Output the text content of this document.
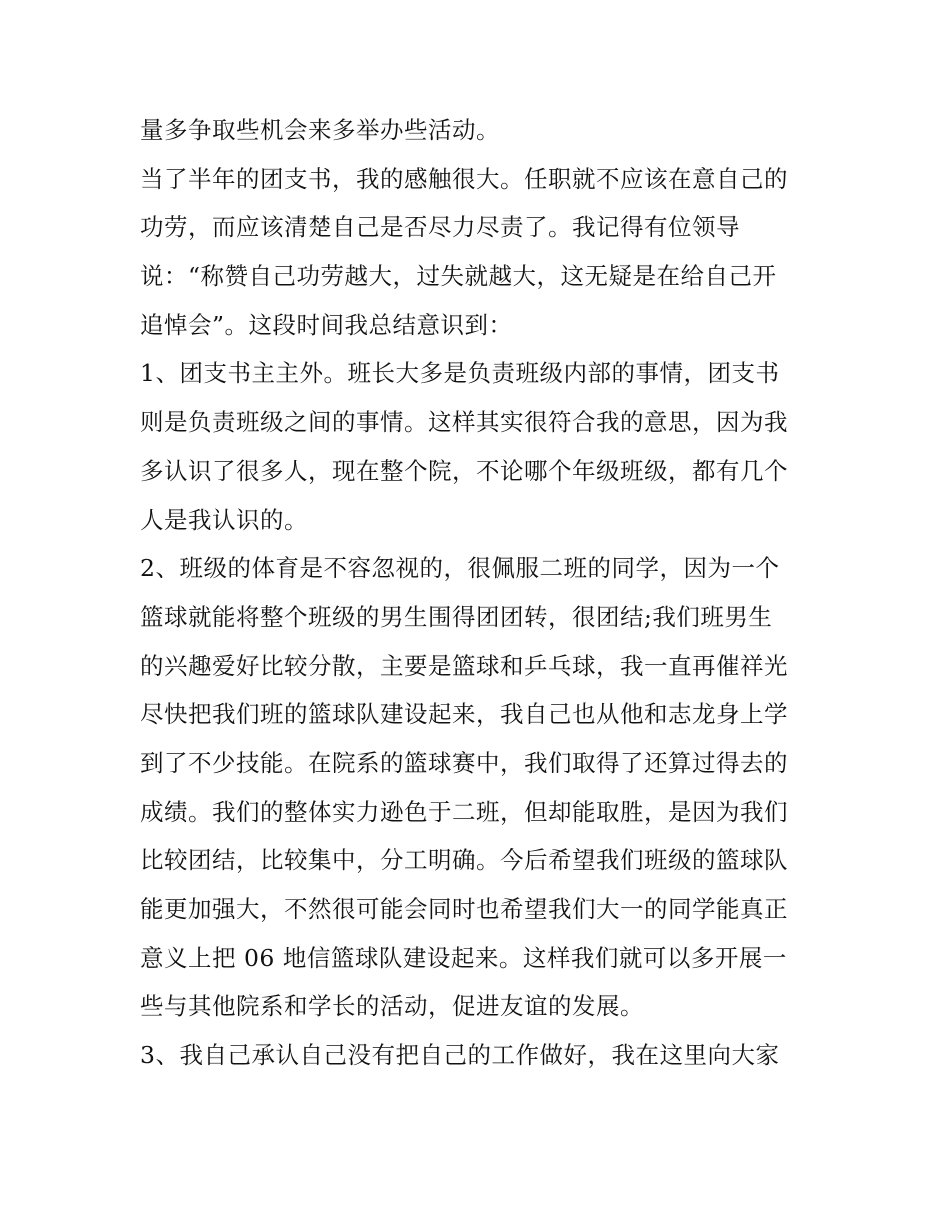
量多争取些机会来多举办些活动。
当了半年的团支书，我的感触很大。任职就不应该在意自己的
功劳，而应该清楚自己是否尽力尽责了。我记得有位领导
说：“称赞自己功劳越大，过失就越大，这无疑是在给自己开
追悼会”。这段时间我总结意识到：
1、团支书主主外。班长大多是负责班级内部的事情，团支书
则是负责班级之间的事情。这样其实很符合我的意思，因为我
多认识了很多人，现在整个院，不论哪个年级班级，都有几个
人是我认识的。
2、班级的体育是不容忽视的，很佩服二班的同学，因为一个
篮球就能将整个班级的男生围得团团转，很团结;我们班男生
的兴趣爱好比较分散，主要是篮球和乒乓球，我一直再催祥光
尽快把我们班的篮球队建设起来，我自己也从他和志龙身上学
到了不少技能。在院系的篮球赛中，我们取得了还算过得去的
成绩。我们的整体实力逊色于二班，但却能取胜，是因为我们
比较团结，比较集中，分工明确。今后希望我们班级的篮球队
能更加强大，不然很可能会同时也希望我们大一的同学能真正
意义上把 06 地信篮球队建设起来。这样我们就可以多开展一
些与其他院系和学长的活动，促进友谊的发展。
3、我自己承认自己没有把自己的工作做好，我在这里向大家
